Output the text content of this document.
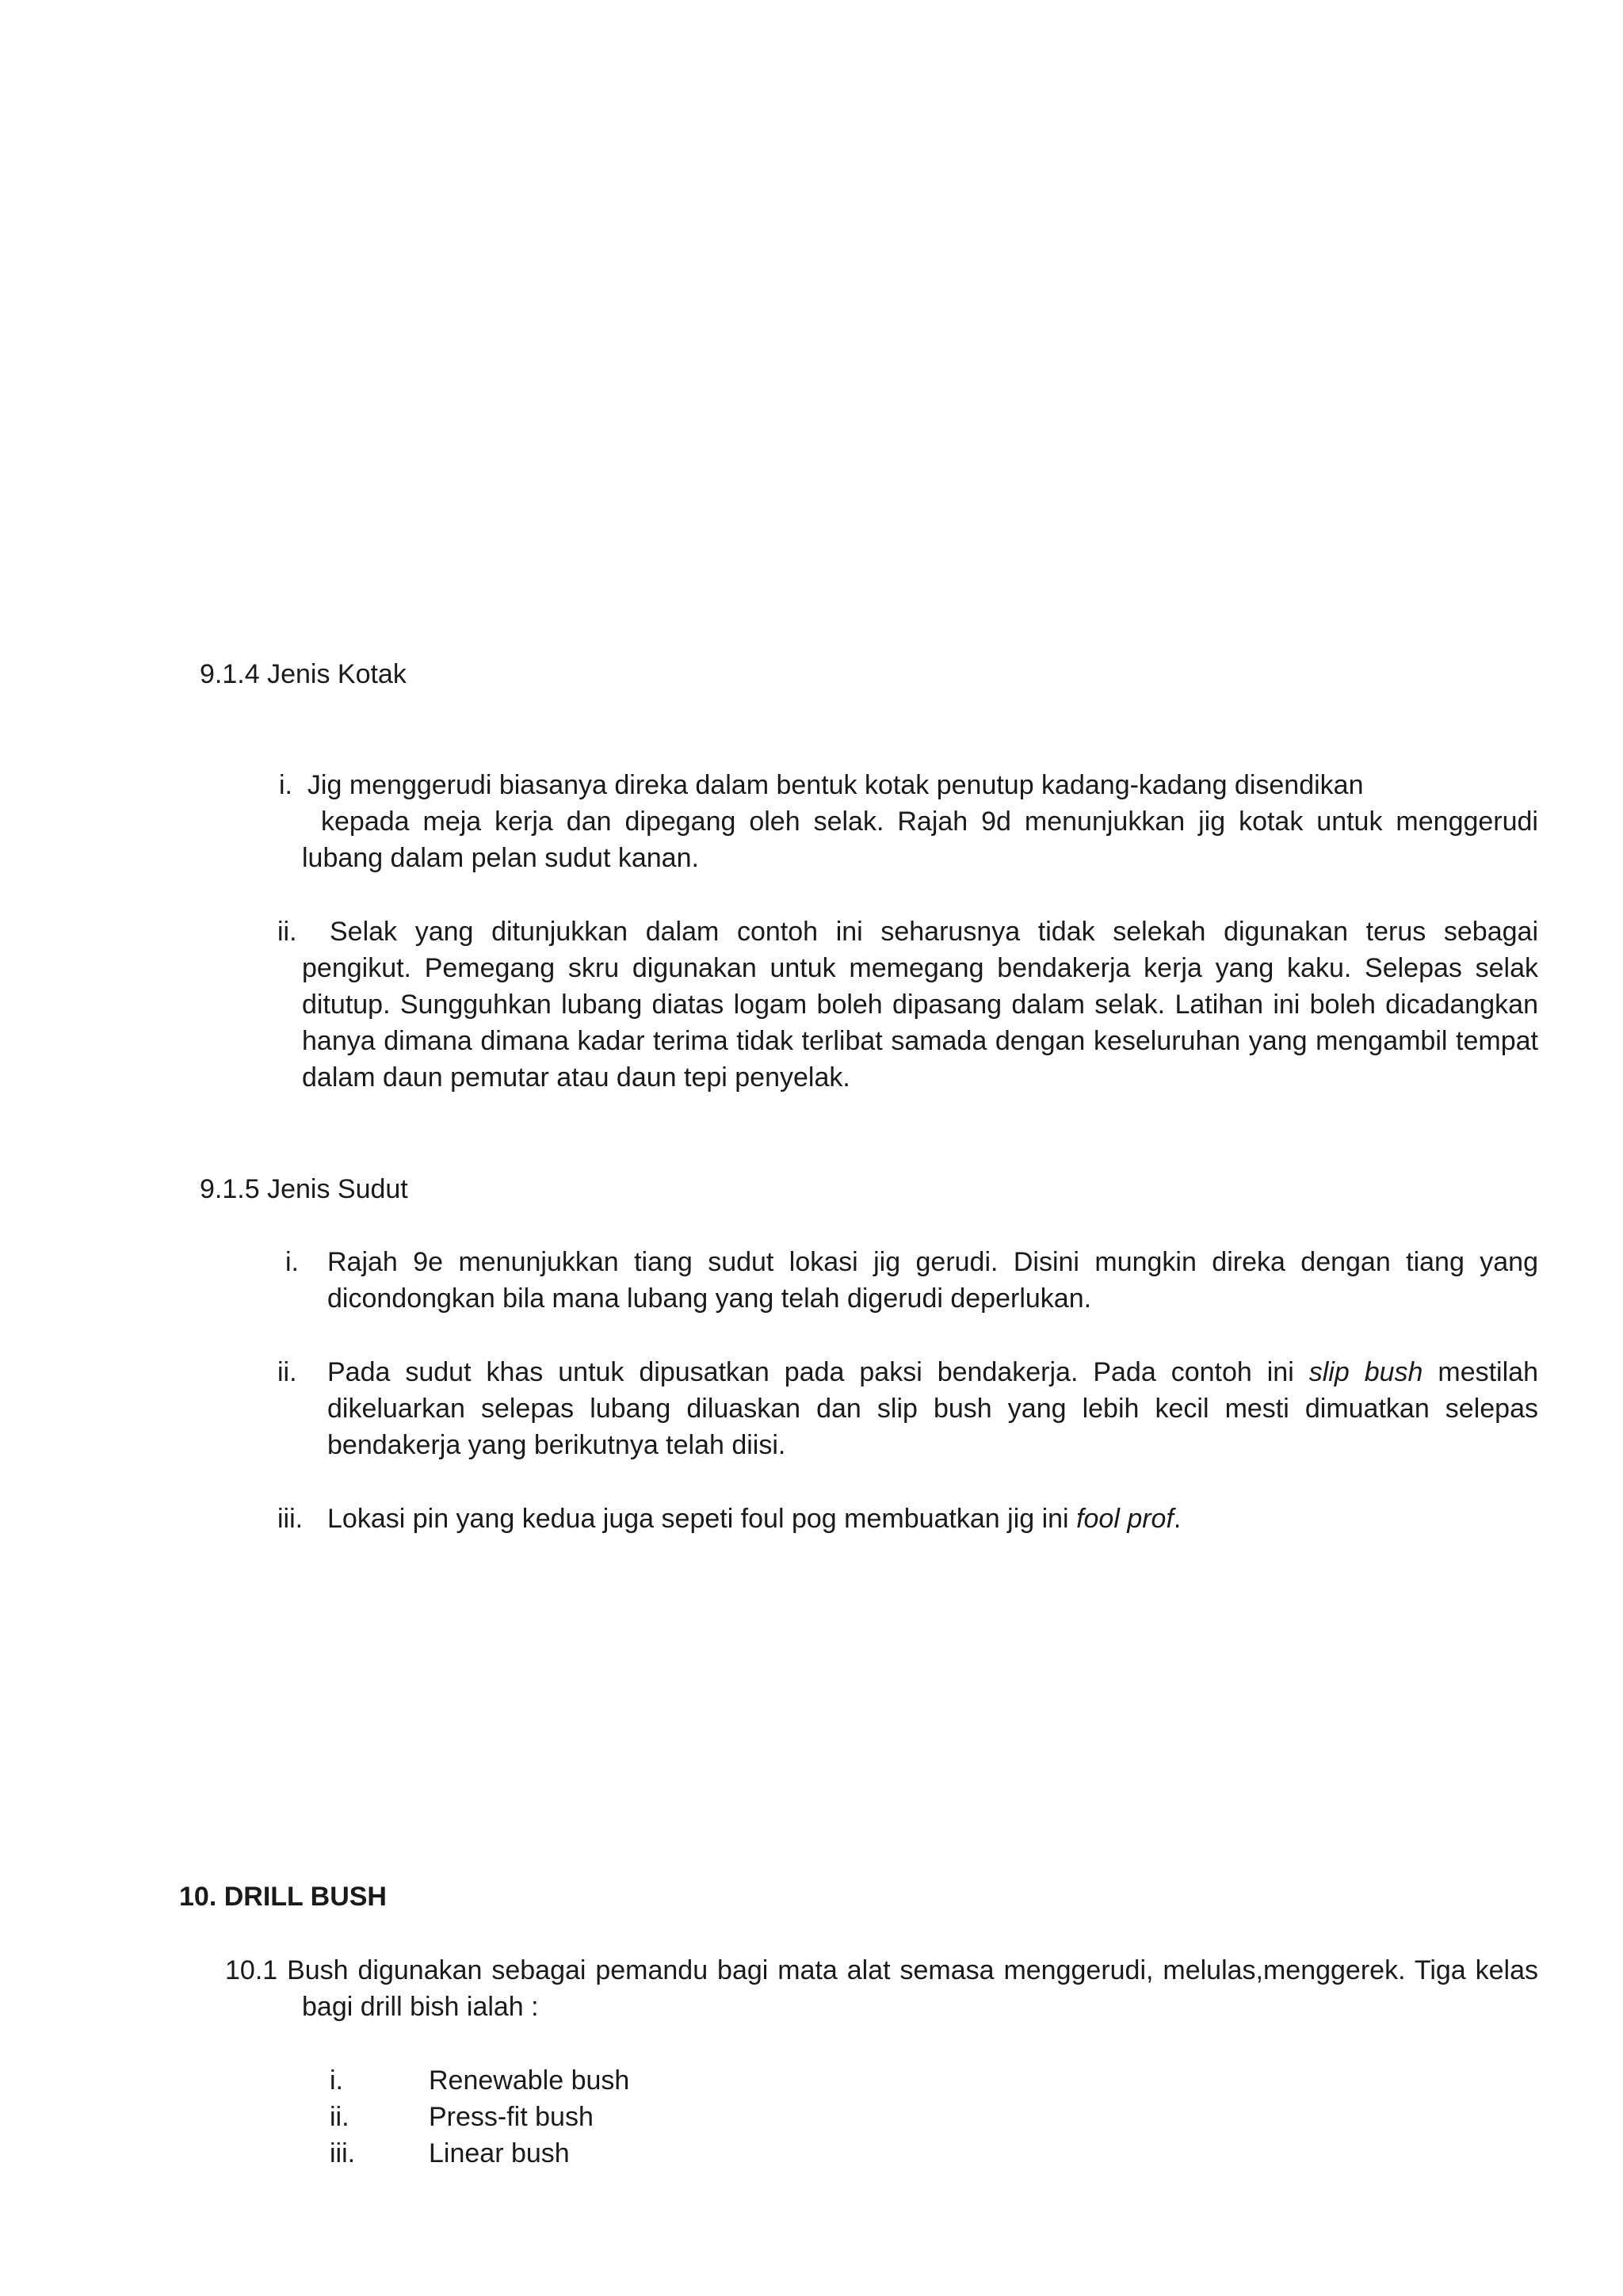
9.1.4 Jenis Kotak
i. Jig menggerudi biasanya direka dalam bentuk kotak penutup kadang-kadang disendikan
kepada meja kerja dan dipegang oleh selak. Rajah 9d menunjukkan jig kotak untuk menggerudi
lubang dalam pelan sudut kanan.
ii.	Selak yang ditunjukkan dalam contoh ini seharusnya tidak selekah digunakan terus sebagai pengikut. Pemegang skru digunakan untuk memegang bendakerja kerja yang kaku. Selepas selak ditutup. Sungguhkan lubang diatas logam boleh dipasang dalam selak. Latihan ini boleh dicadangkan hanya dimana dimana kadar terima tidak terlibat samada dengan keseluruhan yang mengambil tempat dalam daun pemutar atau daun tepi penyelak.
9.1.5 Jenis Sudut
i.	Rajah 9e menunjukkan tiang sudut lokasi jig gerudi. Disini mungkin direka dengan tiang yang dicondongkan bila mana lubang yang telah digerudi deperlukan.
ii.	Pada sudut khas untuk dipusatkan pada paksi bendakerja. Pada contoh ini slip bush mestilah dikeluarkan selepas lubang diluaskan dan slip bush yang lebih kecil mesti dimuatkan selepas bendakerja yang berikutnya telah diisi.
iii. Lokasi pin yang kedua juga sepeti foul pog membuatkan jig ini fool prof.
10. DRILL BUSH
10.1 Bush digunakan sebagai pemandu bagi mata alat semasa menggerudi, melulas,menggerek. Tiga kelas
bagi drill bish ialah :
i.	Renewable bush
ii.	Press-fit bush
iii.	Linear bush
